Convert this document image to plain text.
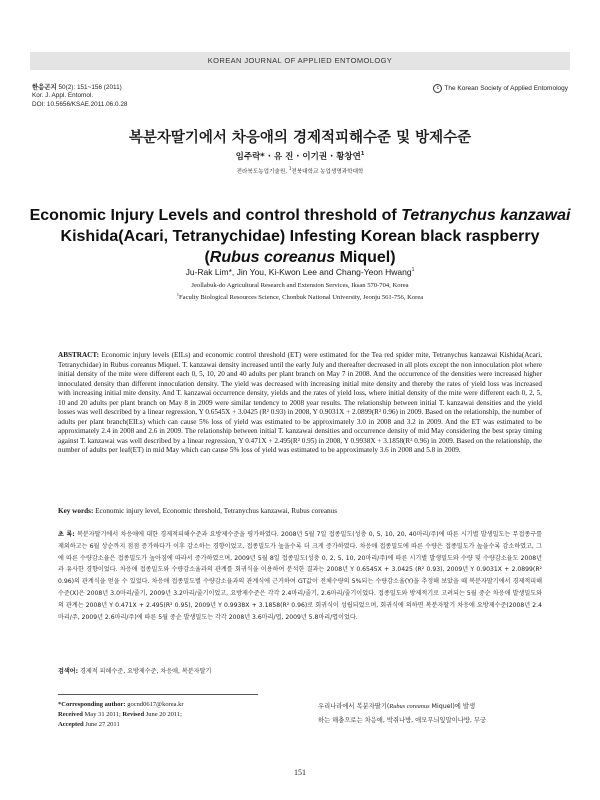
KOREAN JOURNAL OF APPLIED ENTOMOLOGY
한응곤지 50(2): 151~156 (2011)
Kor. J. Appl. Entomol.
DOI: 10.5656/KSAE.2011.06.0.28
c The Korean Society of Applied Entomology
복분자딸기에서 차응애의 경제적피해수준 및 방제수준
임주락* · 유 진 · 이기권 · 황창연$^1$
전라북도농업기술원, $^1$전북대학교 농업생명과학대학
Economic Injury Levels and control threshold of Tetranychus kanzawai
Kishida(Acari, Tetranychidae) Infesting Korean black raspberry
(Rubus coreanus Miquel)
Ju-Rak Lim*, Jin You, Ki-Kwon Lee and Chang-Yeon Hwang$^1$
Jeollabuk-do Agricultural Research and Extension Services, Iksan 570-704, Korea
$^1$Faculty Biological Resources Science, Chonbuk National University, Jeonju 561-756, Korea
ABSTRACT: Economic injury levels (EILs) and economic control threshold (ET) were estimated for the Tea red spider mite, Tetranychus kanzawai Kishida(Acari, Tetranychidae) in Rubus coreanus Miquel. T. kanzawai density increased until the early July and thereafter decreased in all plots except the non innoculation plot where initial density of the mite were different each 0, 5, 10, 20 and 40 adults per plant branch on May 7 in 2008. And the occurrence of the densities were increased higher innoculated density than different innoculation density. The yield was decreased with increasing initial mite density and thereby the rates of yield loss was increased with increasing initial mite density. And T. kanzawai occurrence density, yields and the rates of yield loss, where initial density of the mite were different each 0, 2, 5, 10 and 20 adults per plant branch on May 8 in 2009 were similar tendency to 2008 year results. The relationship between initial T. kanzawai densities and the yield losses was well described by a linear regression, Y 0.6545X + 3.0425 (R² 0.93) in 2008, Y 0.9031X + 2.0899(R² 0.96) in 2009. Based on the relationship, the number of adults per plant branch(EILs) which can cause 5% loss of yield was estimated to be approximately 3.0 in 2008 and 3.2 in 2009. And the ET was estimated to be approximately 2.4 in 2008 and 2.6 in 2009. The relationship between initial T. kanzawai densities and occurrence density of mid May considering the best spray timing against T. kanzawai was well described by a linear regression, Y 0.471X + 2.495(R² 0.95) in 2008, Y 0.9938X + 3.1858(R² 0.96) in 2009. Based on the relationship, the number of adults per leaf(ET) in mid May which can cause 5% loss of yield was estimated to be approximately 3.6 in 2008 and 5.8 in 2009.
Key words: Economic injury level, Economic threshold, Tetranychus kanzawai, Rubus coreanus
초 록: 복분자딸기에서 차응애에 대한 경제적피해수준과 요방제수준을 평가하였다. 2008년 5월 7일 접종밀도(성충 0, 5, 10, 20, 40마리/주)에 따른 시기별 발생밀도는 무접종구를 제외하고는 6월 상순까지 점점 증가하다가 이후 감소하는 경향이었고, 접종밀도가 높을수록 더 크게 증가하였다. 차응애 접종밀도에 따른 수량은 접종밀도가 높을수록 감소하였고, 그에 따른 수량감소율은 접종밀도가 높아짐에 따라서 증가하였으며, 2009년 5월 8일 접종밀도(성충 0, 2, 5, 10, 20마리/주)에 따른 시기별 발생밀도와 수량 및 수량감소율도 2008년과 유사한 경향이었다. 차응애 접종밀도와 수량감소율과의 관계를 회귀식을 이용하여 분석한 결과는 2008년 Y 0.6545X + 3.0425 (R² 0.93), 2009년 Y 0.9031X + 2.0899(R² 0.96)의 관계식을 얻을 수 있었다. 차응애 접종밀도별 수량감소율과의 관계식에 근거하여 GT값이 전체수량의 5%되는 수량감소율(Y)을 추정해 보았을 때 복분자딸기에서 경제적피해수준(X)은 2008년 3.0마리/줄기, 2009년 3.2마리/줄기이었고, 요방제수준은 각각 2.4마리/줄기, 2.6마리/줄기이었다. 접종밀도와 방제적기로 고려되는 5월 중순 차응애 발생밀도와의 관계는 2008년 Y 0.471X + 2.495(R² 0.95), 2009년 Y 0.9938X + 3.1858(R² 0.96)로 회귀식이 성립되었으며, 회귀식에 의하면 복분자딸기 차응애 요방제수준(2008년 2.4마리/주, 2009년 2.6마리/주)에 따른 5월 중순 발생밀도는 각각 2008년 3.6마리/엽, 2009년 5.8마리/엽이었다.
검색어: 경제적 피해수준, 요방제수준, 차응애, 복분자딸기
*Corresponding author: gocnd0617@korea.kr
Received May 31 2011; Revised June 20 2011;
Accepted June 27 2011
우리나라에서 복분자딸기(Rubus coreanus Miquel)에 발생
하는 해충으로는 차응애, 박쥐나방, 애모무늬잎말이나방, 무궁
151
